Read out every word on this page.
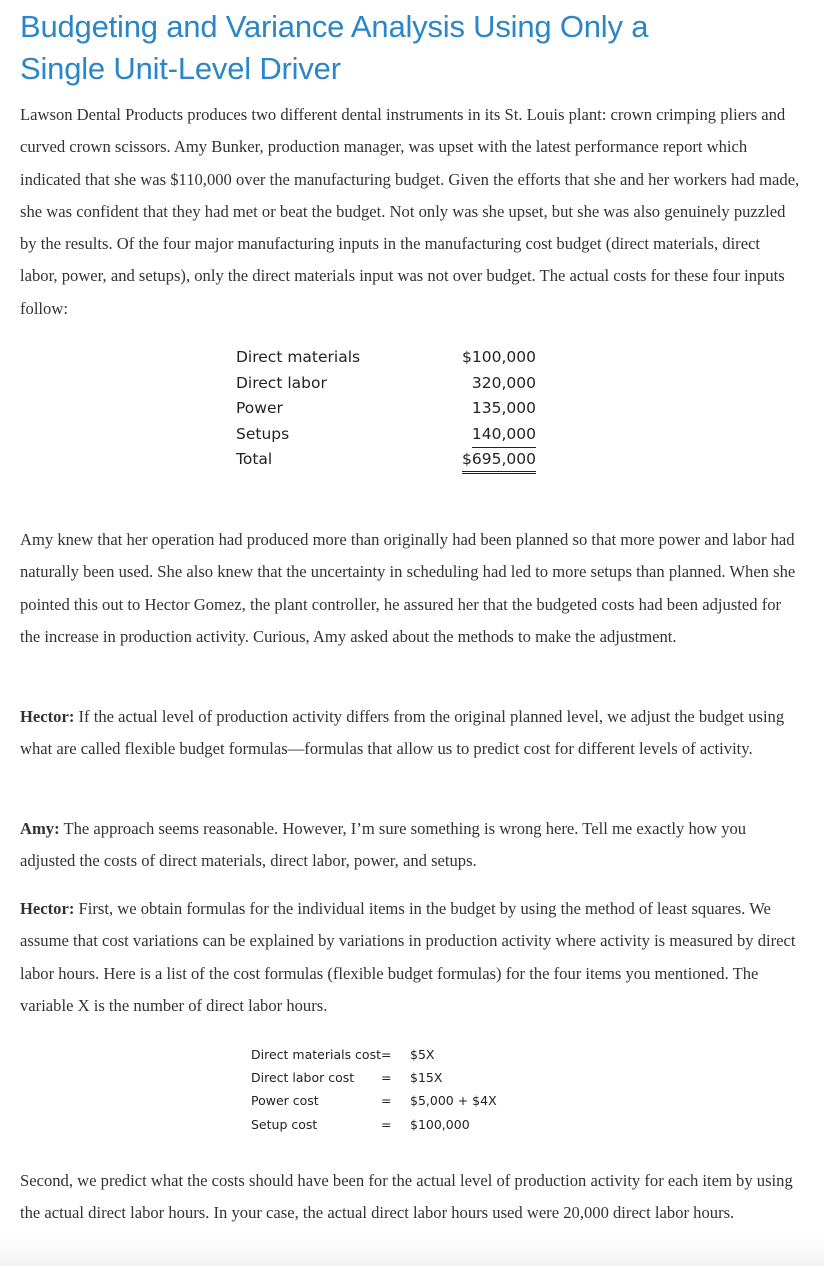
Budgeting and Variance Analysis Using Only a
Single Unit-Level Driver

Lawson Dental Products produces two different dental instruments in its St. Louis plant: crown crimping pliers and curved crown scissors. Amy Bunker, production manager, was upset with the latest performance report which indicated that she was $110,000 over the manufacturing budget. Given the efforts that she and her workers had made, she was confident that they had met or beat the budget. Not only was she upset, but she was also genuinely puzzled by the results. Of the four major manufacturing inputs in the manufacturing cost budget (direct materials, direct labor, power, and setups), only the direct materials input was not over budget. The actual costs for these four inputs follow:

Amy knew that her operation had produced more than originally had been planned so that more power and labor had naturally been used. She also knew that the uncertainty in scheduling had led to more setups than planned. When she pointed this out to Hector Gomez, the plant controller, he assured her that the budgeted costs had been adjusted for the increase in production activity. Curious, Amy asked about the methods to make the adjustment.

Hector: If the actual level of production activity differs from the original planned level, we adjust the budget using what are called flexible budget formulas—formulas that allow us to predict cost for different levels of activity.

Amy: The approach seems reasonable. However, I’m sure something is wrong here. Tell me exactly how you adjusted the costs of direct materials, direct labor, power, and setups.

Hector: First, we obtain formulas for the individual items in the budget by using the method of least squares. We assume that cost variations can be explained by variations in production activity where activity is measured by direct labor hours. Here is a list of the cost formulas (flexible budget formulas) for the four items you mentioned. The variable X is the number of direct labor hours.

Second, we predict what the costs should have been for the actual level of production activity for each item by using the actual direct labor hours. In your case, the actual direct labor hours used were 20,000 direct labor hours.

Direct materials	$100,000
Direct labor	320,000
Power	135,000
Setups	140,000
Total	$695,000
Direct materials cost =	$5X
Direct labor cost	=	$15X
Power cost	=	$5,000 + $4X
Setup cost	=	$100,000
